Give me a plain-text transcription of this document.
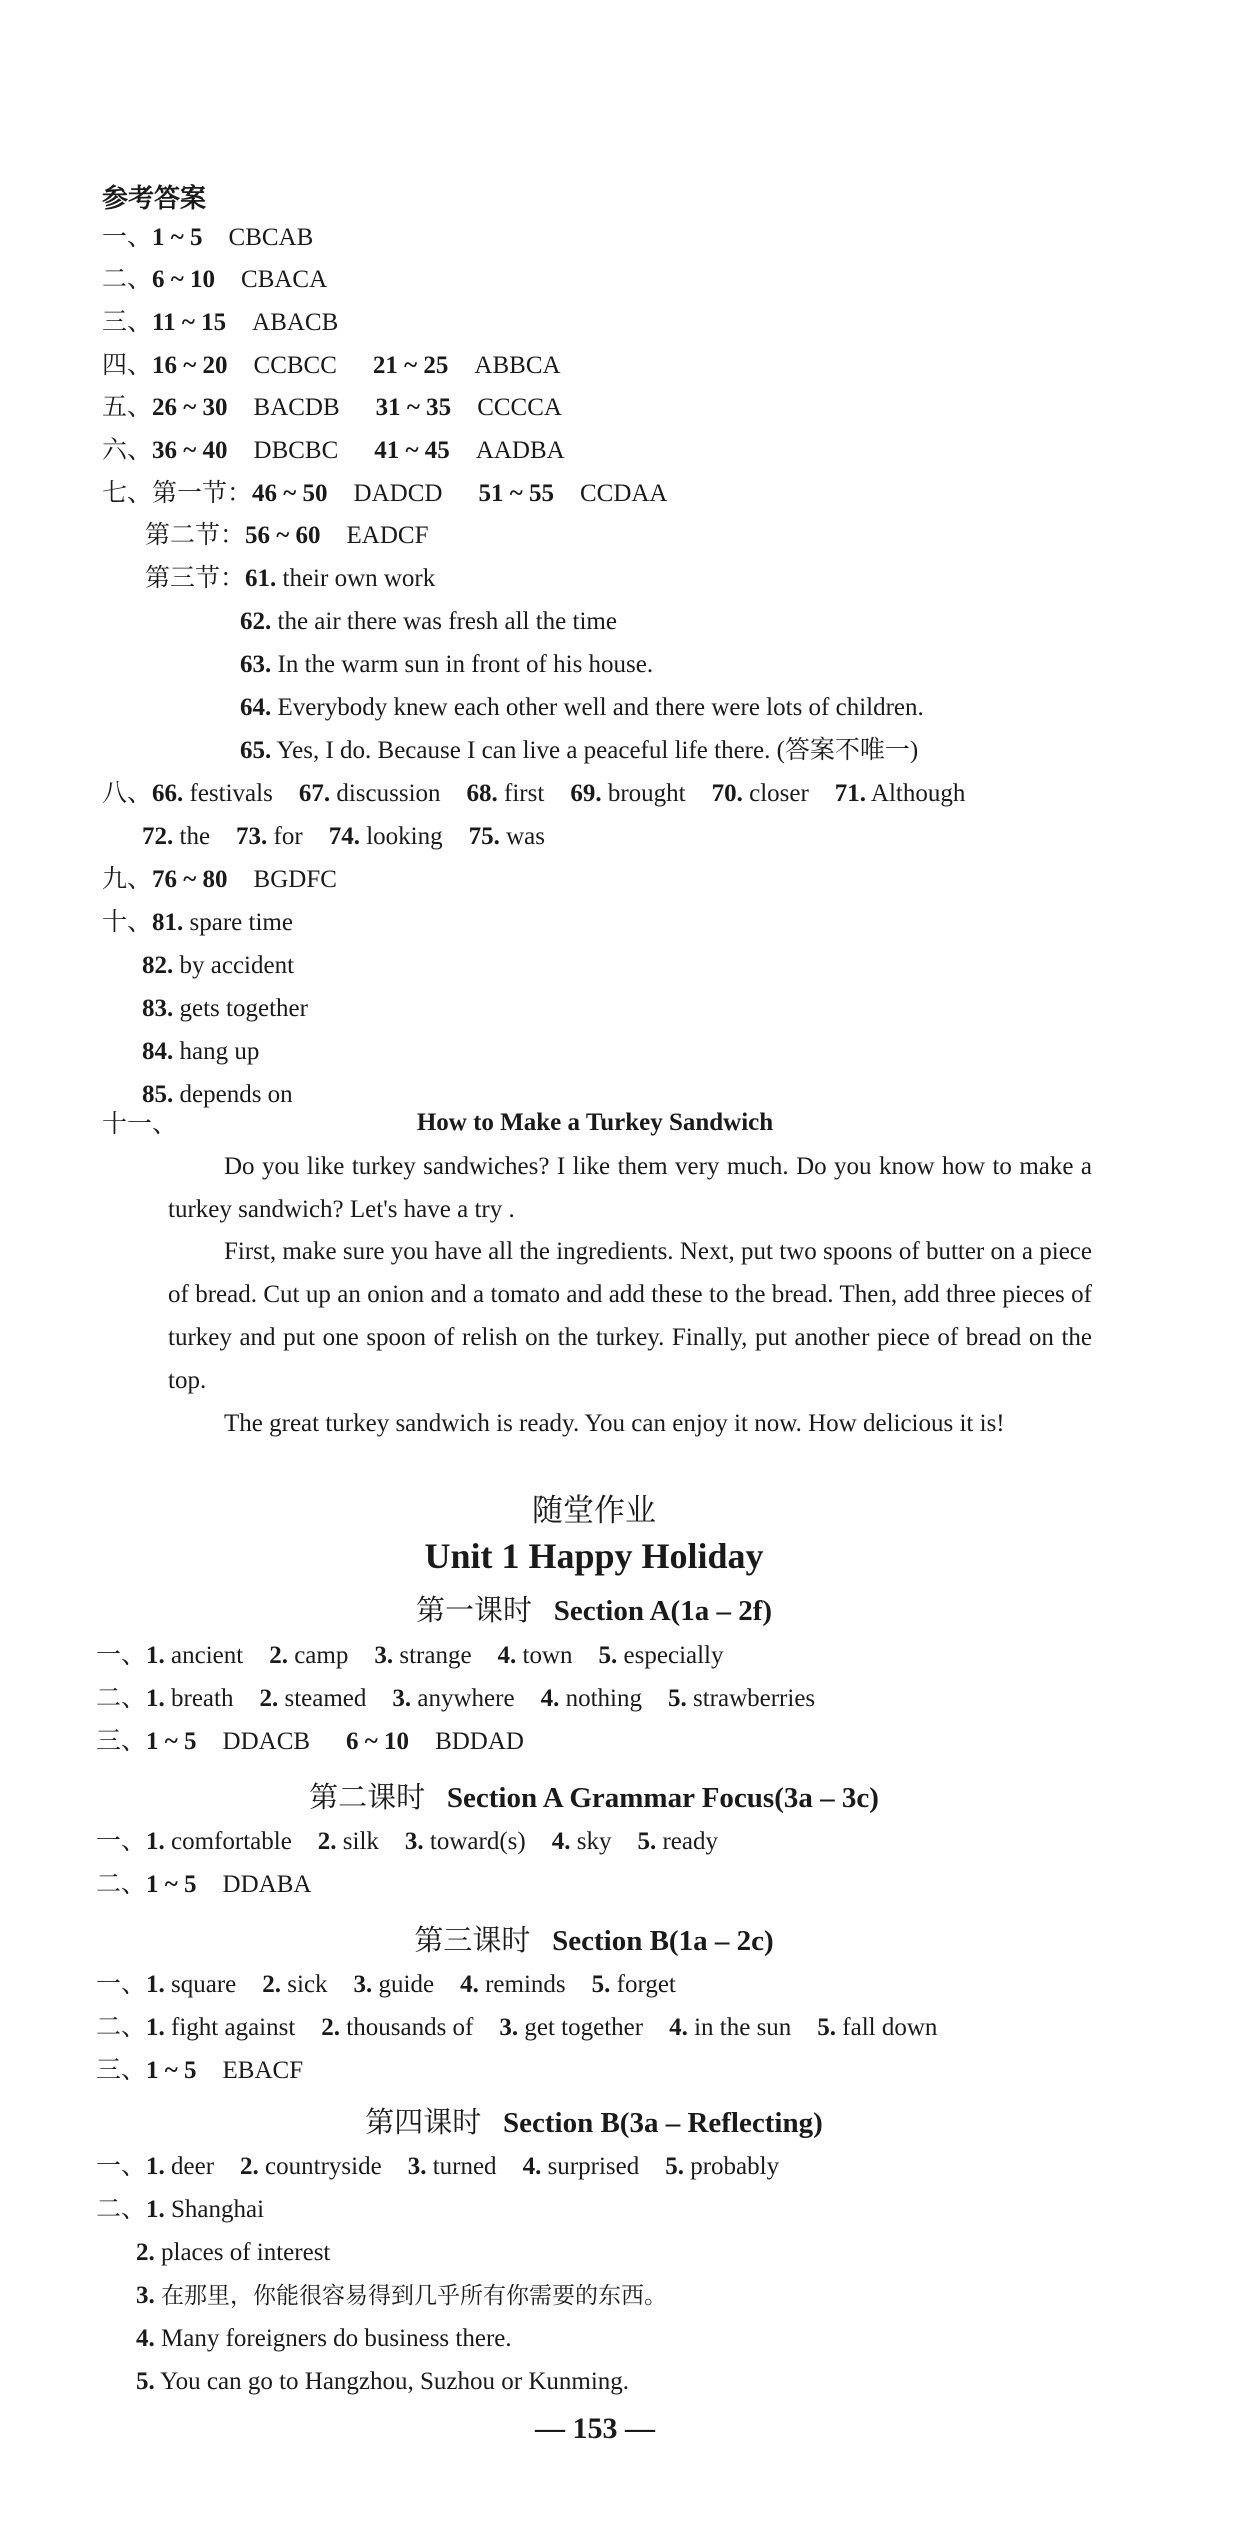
参考答案
一、1 ~ 5 CBCAB
二、6 ~ 10 CBACA
三、11 ~ 15 ABACB
四、16 ~ 20 CCBCC 21 ~ 25 ABBCA
五、26 ~ 30 BACDB 31 ~ 35 CCCCA
六、36 ~ 40 DBCBC 41 ~ 45 AADBA
七、第一节：46 ~ 50 DADCD 51 ~ 55 CCDAA
第二节：56 ~ 60 EADCF
第三节：61. their own work
62. the air there was fresh all the time
63. In the warm sun in front of his house.
64. Everybody knew each other well and there were lots of children.
65. Yes, I do. Because I can live a peaceful life there. (答案不唯一)
八、66. festivals 67. discussion 68. first 69. brought 70. closer 71. Although
72. the 73. for 74. looking 75. was
九、76 ~ 80 BGDFC
十、81. spare time
82. by accident
83. gets together
84. hang up
85. depends on
十一、	How to Make a Turkey Sandwich
Do you like turkey sandwiches? I like them very much. Do you know how to make a turkey sandwich? Let's have a try .
First, make sure you have all the ingredients. Next, put two spoons of butter on a piece of bread. Cut up an onion and a tomato and add these to the bread. Then, add three pieces of turkey and put one spoon of relish on the turkey. Finally, put another piece of bread on the top.
The great turkey sandwich is ready. You can enjoy it now. How delicious it is!
随堂作业
Unit 1 Happy Holiday
第一课时 Section A(1a – 2f)
一、1. ancient 2. camp 3. strange 4. town 5. especially
二、1. breath 2. steamed 3. anywhere 4. nothing 5. strawberries
三、1 ~ 5 DDACB 6 ~ 10 BDDAD
第二课时 Section A Grammar Focus(3a – 3c)
一、1. comfortable 2. silk 3. toward(s) 4. sky 5. ready
二、1 ~ 5 DDABA
第三课时 Section B(1a – 2c)
一、1. square 2. sick 3. guide 4. reminds 5. forget
二、1. fight against 2. thousands of 3. get together 4. in the sun 5. fall down
三、1 ~ 5 EBACF
第四课时 Section B(3a – Reflecting)
一、1. deer 2. countryside 3. turned 4. surprised 5. probably
二、1. Shanghai
2. places of interest
3. 在那里，你能很容易得到几乎所有你需要的东西。
4. Many foreigners do business there.
5. You can go to Hangzhou, Suzhou or Kunming.
— 153 —
